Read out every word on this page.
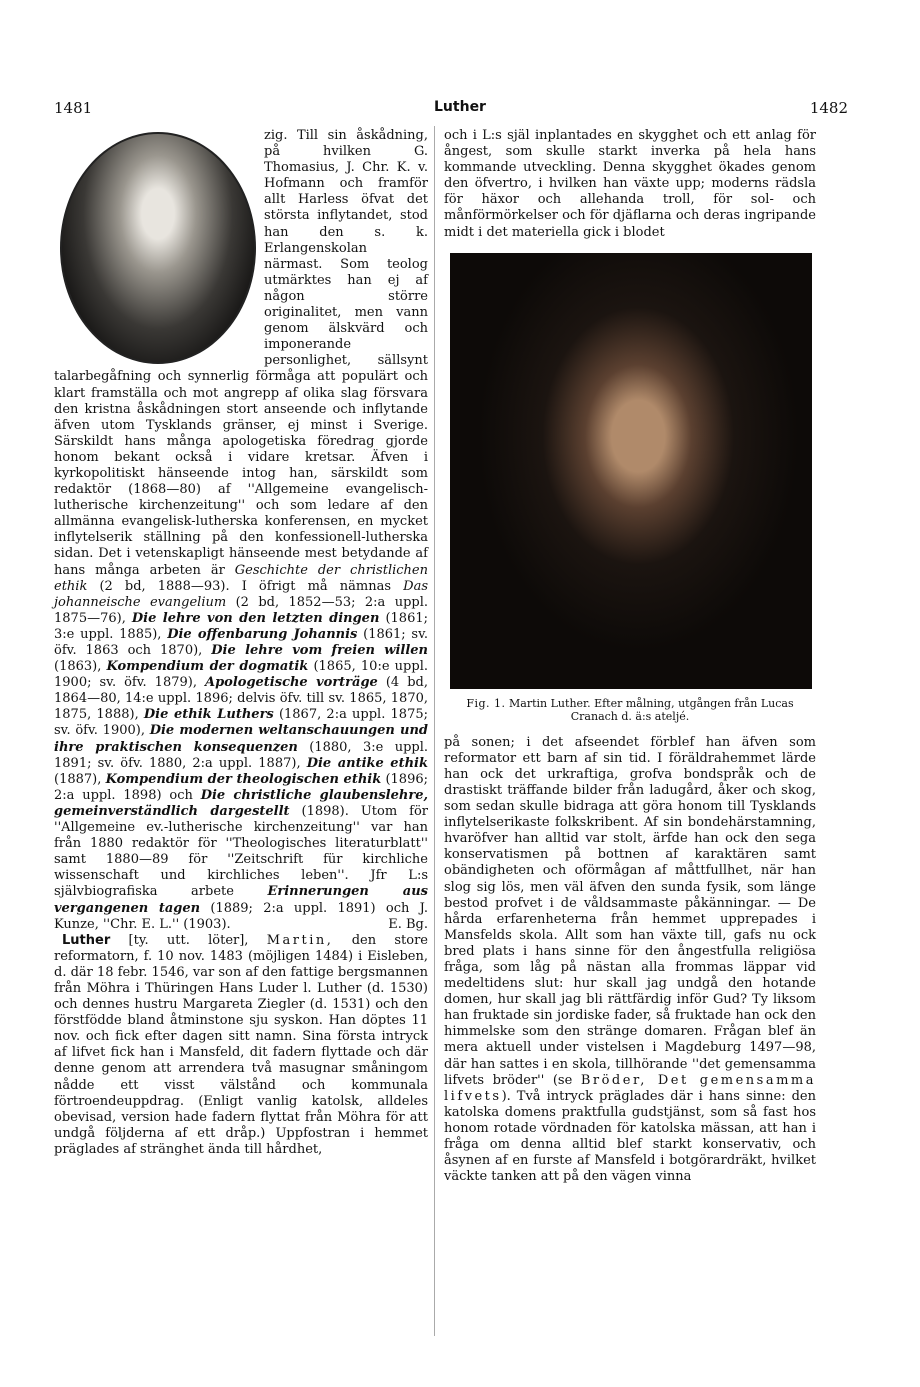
1481	Luther	1482

zig. Till sin åskådning, på hvilken G. Thomasius, J. Chr. K. v. Hofmann och framför allt Harless öfvat det största inflytandet, stod han den s. k. Erlangenskolan närmast. Som teolog utmärktes han ej af någon större originalitet, men vann genom älskvärd och imponerande personlighet, sällsynt talarbegåfning och synnerlig förmåga att populärt och klart framställa och mot angrepp af olika slag försvara den kristna åskådningen stort anseende och inflytande äfven utom Tysklands gränser, ej minst i Sverige. Särskildt hans många apologetiska föredrag gjorde honom bekant också i vidare kretsar. Äfven i kyrkopolitiskt hänseende intog han, särskildt som redaktör (1868—80) af ''Allgemeine evangelisch-lutherische kirchenzeitung'' och som ledare af den allmänna evangelisk-lutherska konferensen, en mycket inflytelserik ställning på den konfessionell-lutherska sidan. Det i vetenskapligt hänseende mest betydande af hans många arbeten är Geschichte der christlichen ethik (2 bd, 1888—93). I öfrigt må nämnas Das johanneische evangelium (2 bd, 1852—53; 2:a uppl. 1875—76), Die lehre von den letzten dingen (1861; 3:e uppl. 1885), Die offenbarung Johannis (1861; sv. öfv. 1863 och 1870), Die lehre vom freien willen (1863), Kompendium der dogmatik (1865, 10:e uppl. 1900; sv. öfv. 1879), Apologetische vorträge (4 bd, 1864—80, 14:e uppl. 1896; delvis öfv. till sv. 1865, 1870, 1875, 1888), Die ethik Luthers (1867, 2:a uppl. 1875; sv. öfv. 1900), Die modernen weltanschauungen und ihre praktischen konsequenzen (1880, 3:e uppl. 1891; sv. öfv. 1880, 2:a uppl. 1887), Die antike ethik (1887), Kompendium der theologischen ethik (1896; 2:a uppl. 1898) och Die christliche glaubenslehre, gemeinverständlich dargestellt (1898). Utom för ''Allgemeine ev.-lutherische kirchenzeitung'' var han från 1880 redaktör för ''Theologisches literaturblatt'' samt 1880—89 för ''Zeitschrift für kirchliche wissenschaft und kirchliches leben''. Jfr L:s självbiografiska arbete	Erinnerungen aus vergangenen tagen (1889; 2:a uppl. 1891) och J. Kunze, ''Chr. E. L.'' (1903).	E. Bg.

Luther [ty. utt. löter], Martin, den store reformatorn, f. 10 nov. 1483 (möjligen 1484) i Eisleben, d. där 18 febr. 1546, var son af den fattige bergsmannen från Möhra i Thüringen Hans Luder l. Luther (d. 1530) och dennes hustru Margareta Ziegler (d. 1531) och den förstfödde bland åtminstone sju syskon. Han döptes 11 nov. och fick efter dagen sitt namn. Sina första intryck af lifvet fick han i Mansfeld, dit fadern flyttade och där denne genom att arrendera två masugnar småningom nådde ett visst välstånd och kommunala förtroendeuppdrag. (Enligt vanlig katolsk, alldeles obevisad, version hade fadern flyttat från Möhra för att undgå följderna af ett dråp.) Uppfostran i hemmet präglades af stränghet ända till hårdhet,

och i L:s själ inplantades en skygghet och ett anlag för ångest, som skulle starkt inverka på hela hans kommande utveckling. Denna skygghet ökades genom den öfvertro, i hvilken han växte upp; moderns rädsla för häxor och allehanda troll, för sol- och månförmörkelser och för djäflarna och deras ingripande midt i det materiella gick i blodet

Fig. 1. Martin Luther. Efter målning, utgången från Lucas Cranach d. ä:s ateljé.

på sonen; i det afseendet förblef han äfven som reformator ett barn af sin tid. I föräldrahemmet lärde han ock det urkraftiga, grofva bondspråk och de drastiskt träffande bilder från ladugård, åker och skog, som sedan skulle bidraga att göra honom till Tysklands inflytelserikaste folkskribent. Af sin bondehärstamning, hvaröfver han alltid var stolt, ärfde han ock den sega konservatismen på bottnen af karaktären samt obändigheten och oförmågan af måttfullhet, när han slog sig lös, men väl äfven den sunda fysik, som länge bestod profvet i de våldsammaste påkänningar. — De hårda erfarenheterna från hemmet upprepades i Mansfelds skola. Allt som han växte till, gafs nu ock bred plats i hans sinne för den ångestfulla religiösa fråga, som låg på nästan alla frommas läppar vid medeltidens slut: hur skall jag undgå den hotande domen, hur skall jag bli rättfärdig inför Gud? Ty liksom han fruktade sin jordiske fader, så fruktade han ock den himmelske som den stränge domaren. Frågan blef än mera aktuell under vistelsen i Magdeburg 1497—98, där han sattes i en skola, tillhörande ''det gemensamma lifvets bröder'' (se Bröder, Det gemensamma lifvets). Två intryck präglades där i hans sinne: den katolska domens praktfulla gudstjänst, som så fast hos honom rotade vördnaden för katolska mässan, att han i fråga om denna alltid blef starkt konservativ, och åsynen af en furste af Mansfeld i botgörardräkt, hvilket väckte tanken att på den vägen vinna
